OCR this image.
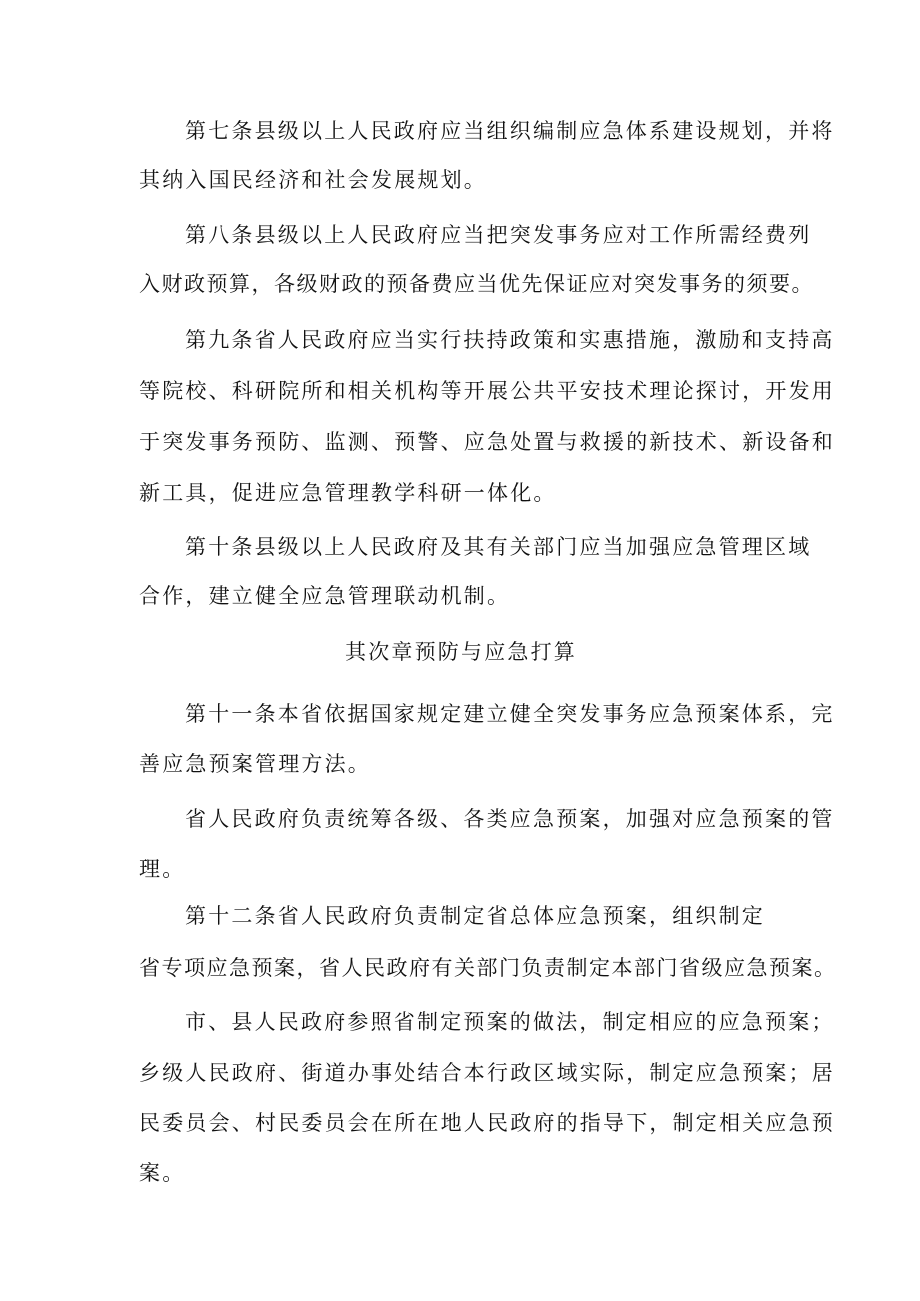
第七条县级以上人民政府应当组织编制应急体系建设规划，并将
其纳入国民经济和社会发展规划。
第八条县级以上人民政府应当把突发事务应对工作所需经费列
入财政预算，各级财政的预备费应当优先保证应对突发事务的须要。
第九条省人民政府应当实行扶持政策和实惠措施，激励和支持高
等院校、科研院所和相关机构等开展公共平安技术理论探讨，开发用
于突发事务预防、监测、预警、应急处置与救援的新技术、新设备和
新工具，促进应急管理教学科研一体化。
第十条县级以上人民政府及其有关部门应当加强应急管理区域
合作，建立健全应急管理联动机制。
其次章预防与应急打算
第十一条本省依据国家规定建立健全突发事务应急预案体系，完
善应急预案管理方法。
省人民政府负责统筹各级、各类应急预案，加强对应急预案的管
理。
第十二条省人民政府负责制定省总体应急预案，组织制定
省专项应急预案，省人民政府有关部门负责制定本部门省级应急预案。
市、县人民政府参照省制定预案的做法，制定相应的应急预案；
乡级人民政府、街道办事处结合本行政区域实际，制定应急预案；居
民委员会、村民委员会在所在地人民政府的指导下，制定相关应急预
案。
